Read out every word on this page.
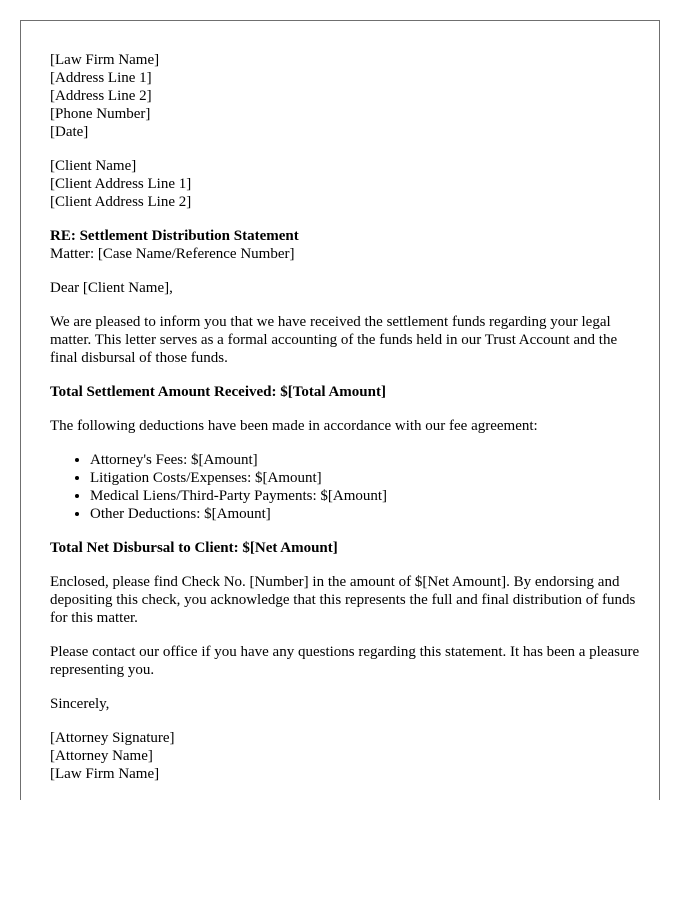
[Law Firm Name]
[Address Line 1]
[Address Line 2]
[Phone Number]
[Date]
[Client Name]
[Client Address Line 1]
[Client Address Line 2]
RE: Settlement Distribution Statement
Matter: [Case Name/Reference Number]
Dear [Client Name],

We are pleased to inform you that we have received the settlement funds regarding your legal matter. This letter serves as a formal accounting of the funds held in our Trust Account and the final disbursal of those funds.

Total Settlement Amount Received: $[Total Amount]

The following deductions have been made in accordance with our fee agreement:

• Attorney's Fees: $[Amount]
• Litigation Costs/Expenses: $[Amount]
• Medical Liens/Third-Party Payments: $[Amount]
• Other Deductions: $[Amount]
Total Net Disbursal to Client: $[Net Amount]

Enclosed, please find Check No. [Number] in the amount of $[Net Amount]. By endorsing and depositing this check, you acknowledge that this represents the full and final distribution of funds for this matter.

Please contact our office if you have any questions regarding this statement. It has been a pleasure representing you.

Sincerely,
[Attorney Signature]
[Attorney Name]
[Law Firm Name]
